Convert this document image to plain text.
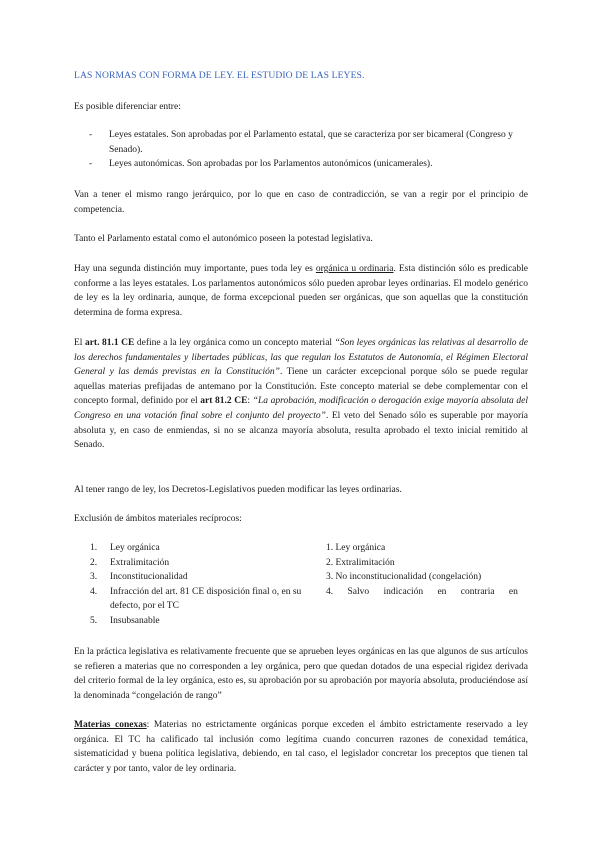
LAS NORMAS CON FORMA DE LEY. EL ESTUDIO DE LAS LEYES.

Es posible diferenciar entre:

- Leyes estatales. Son aprobadas por el Parlamento estatal, que se caracteriza por ser bicameral (Congreso y Senado).
- Leyes autonómicas. Son aprobadas por los Parlamentos autonómicos (unicamerales).

Van a tener el mismo rango jerárquico, por lo que en caso de contradicción, se van a regir por el principio de competencia.

Tanto el Parlamento estatal como el autonómico poseen la potestad legislativa.

Hay una segunda distinción muy importante, pues toda ley es orgánica u ordinaria. Esta distinción sólo es predicable conforme a las leyes estatales. Los parlamentos autonómicos sólo pueden aprobar leyes ordinarias. El modelo genérico de ley es la ley ordinaria, aunque, de forma excepcional pueden ser orgánicas, que son aquellas que la constitución determina de forma expresa.

El art. 81.1 CE define a la ley orgánica como un concepto material “Son leyes orgánicas las relativas al desarrollo de los derechos fundamentales y libertades públicas, las que regulan los Estatutos de Autonomía, el Régimen Electoral General y las demás previstas en la Constitución”. Tiene un carácter excepcional porque sólo se puede regular aquellas materias prefijadas de antemano por la Constitución. Este concepto material se debe complementar con el concepto formal, definido por el art 81.2 CE: “La aprobación, modificación o derogación exige mayoría absoluta del Congreso en una votación final sobre el conjunto del proyecto”. El veto del Senado sólo es superable por mayoría absoluta y, en caso de enmiendas, si no se alcanza mayoría absoluta, resulta aprobado el texto inicial remitido al Senado.

Al tener rango de ley, los Decretos-Legislativos pueden modificar las leyes ordinarias.

Exclusión de ámbitos materiales recíprocos:

1. Ley orgánica
2. Extralimitación
3. Inconstitucionalidad
4. Infracción del art. 81 CE disposición final o, en su defecto, por el TC
5. Insubsanable
1. Ley orgánica
2. Extralimitación
3. No inconstitucionalidad (congelación)
4. Salvo indicación en contraria en

En la práctica legislativa es relativamente frecuente que se aprueben leyes orgánicas en las que algunos de sus artículos se refieren a materias que no corresponden a ley orgánica, pero que quedan dotados de una especial rigidez derivada del criterio formal de la ley orgánica, esto es, su aprobación por su aprobación por mayoría absoluta, produciéndose así la denominada “congelación de rango”

Materias conexas: Materias no estrictamente orgánicas porque exceden el ámbito estrictamente reservado a ley orgánica. El TC ha calificado tal inclusión como legítima cuando concurren razones de conexidad temática, sistematicidad y buena política legislativa, debiendo, en tal caso, el legislador concretar los preceptos que tienen tal carácter y por tanto, valor de ley ordinaria.
